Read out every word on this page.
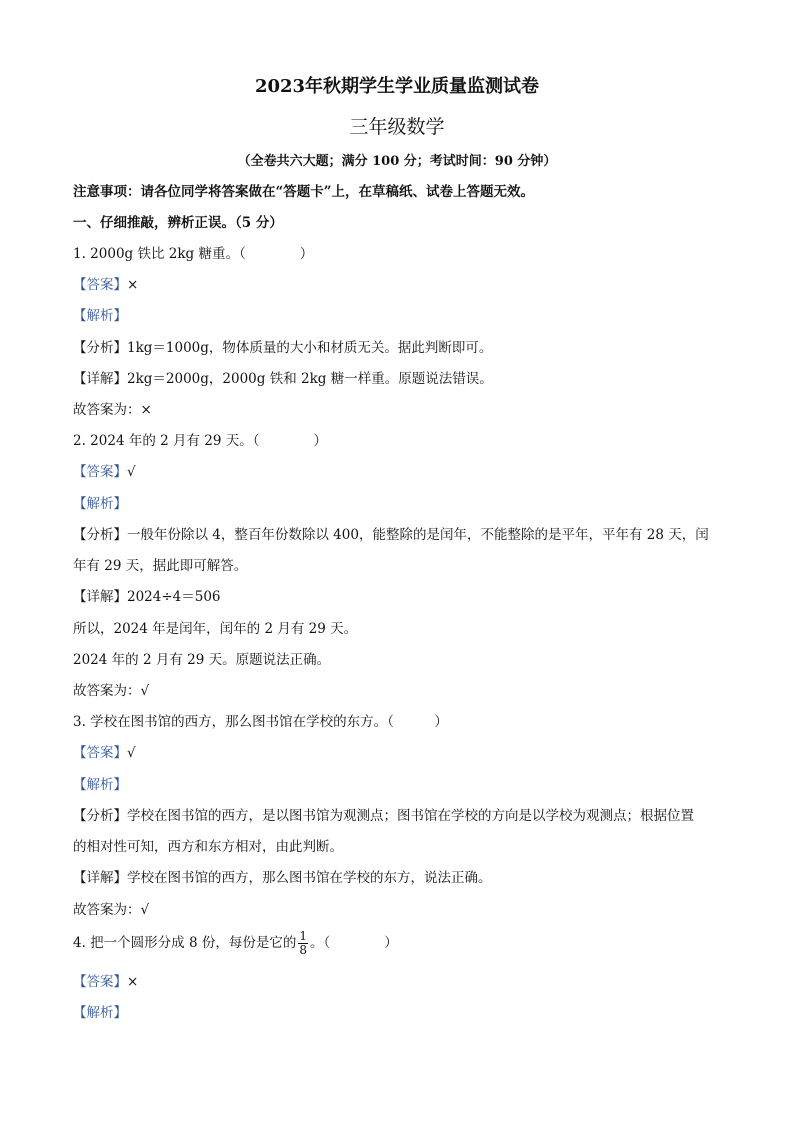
2023年秋期学生学业质量监测试卷
三年级数学
（全卷共六大题；满分 100 分；考试时间：90 分钟）
注意事项：请各位同学将答案做在“答题卡”上，在草稿纸、试卷上答题无效。
一、仔细推敲，辨析正误。（5 分）
1. 2000g 铁比 2kg 糖重。（　　　　）
【答案】×
【解析】
【分析】1kg＝1000g，物体质量的大小和材质无关。据此判断即可。
【详解】2kg＝2000g，2000g 铁和 2kg 糖一样重。原题说法错误。
故答案为：×
2. 2024 年的 2 月有 29 天。（　　　　）
【答案】√
【解析】
【分析】一般年份除以 4，整百年份数除以 400，能整除的是闰年，不能整除的是平年，平年有 28 天，闰
年有 29 天，据此即可解答。
【详解】2024÷4＝506
所以，2024 年是闰年，闰年的 2 月有 29 天。
2024 年的 2 月有 29 天。原题说法正确。
故答案为：√
3. 学校在图书馆的西方，那么图书馆在学校的东方。（　　　）
【答案】√
【解析】
【分析】学校在图书馆的西方，是以图书馆为观测点；图书馆在学校的方向是以学校为观测点；根据位置
的相对性可知，西方和东方相对，由此判断。
【详解】学校在图书馆的西方，那么图书馆在学校的东方，说法正确。
故答案为：√
4. 把一个圆形分成 8 份，每份是它的 $\frac{1}{8}$ 。（　　　　）
【答案】×
【解析】
